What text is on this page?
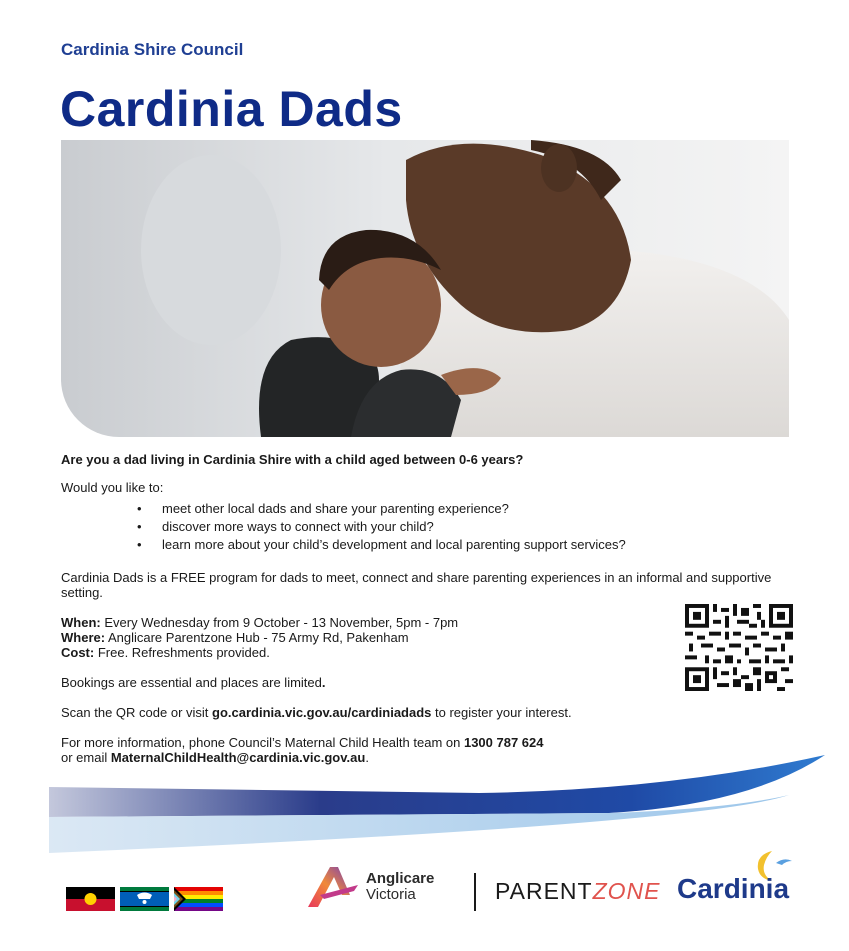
Cardinia Shire Council
Cardinia Dads

Are you a dad living in Cardinia Shire with a child aged between 0-6 years?

Would you like to:

• meet other local dads and share your parenting experience?
• discover more ways to connect with your child?
• learn more about your child’s development and local parenting support services?

Cardinia Dads is a FREE program for dads to meet, connect and share parenting experiences in an informal and supportive setting.

When: Every Wednesday from 9 October - 13 November, 5pm - 7pm
Where: Anglicare Parentzone Hub - 75 Army Rd, Pakenham
Cost: Free. Refreshments provided.

Bookings are essential and places are limited.

Scan the QR code or visit go.cardinia.vic.gov.au/cardiniadads to register your interest.

For more information, phone Council’s Maternal Child Health team on 1300 787 624
or email MaternalChildHealth@cardinia.vic.gov.au.

Anglicare
Victoria	PARENTZONE Cardinia
